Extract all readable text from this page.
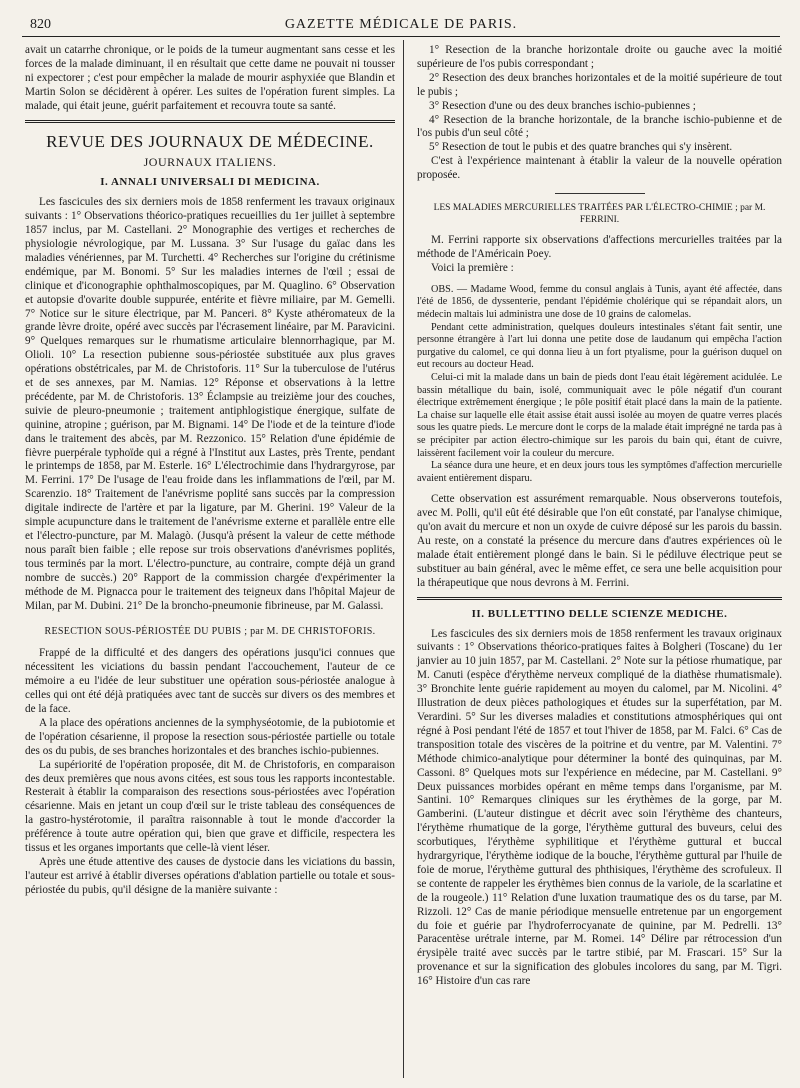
820	GAZETTE MÉDICALE DE PARIS.

avait un catarrhe chronique, or le poids de la tumeur augmentant sans cesse et les forces de la malade diminuant, il en résultait que cette dame ne pouvait ni tousser ni expectorer ; c'est pour empêcher la malade de mourir asphyxiée que Blandin et Martin Solon se décidèrent à opérer. Les suites de l'opération furent simples. La malade, qui était jeune, guérit parfaitement et recouvra toute sa santé.

REVUE DES JOURNAUX DE MÉDECINE.
JOURNAUX ITALIENS.
I. ANNALI UNIVERSALI DI MEDICINA.

Les fascicules des six derniers mois de 1858 renferment les travaux originaux suivants : 1° Observations théorico-pratiques recueillies du 1er juillet à septembre 1857 inclus, par M. Castellani. 2° Monographie des vertiges et recherches de physiologie névrologique, par M. Lussana. 3° Sur l'usage du gaïac dans les maladies vénériennes, par M. Turchetti. 4° Recherches sur l'origine du crétinisme endémique, par M. Bonomi. 5° Sur les maladies internes de l'œil ; essai de clinique et d'iconographie ophthalmoscopiques, par M. Quaglino. 6° Observation et autopsie d'ovarite double suppurée, entérite et fièvre miliaire, par M. Gemelli. 7° Notice sur le siture électrique, par M. Panceri. 8° Kyste athéromateux de la grande lèvre droite, opéré avec succès par l'écrasement linéaire, par M. Paravicini. 9° Quelques remarques sur le rhumatisme articulaire blennorrhagique, par M. Olioli. 10° La resection pubienne sous-périostée substituée aux plus graves opérations obstétricales, par M. de Christoforis. 11° Sur la tuberculose de l'utérus et de ses annexes, par M. Namias. 12° Réponse et observations à la lettre précédente, par M. de Christoforis. 13° Éclampsie au treizième jour des couches, suivie de pleuro-pneumonie ; traitement antiphlogistique énergique, sulfate de quinine, atropine ; guérison, par M. Bignami. 14° De l'iode et de la teinture d'iode dans le traitement des abcès, par M. Rezzonico. 15° Relation d'une épidémie de fièvre puerpérale typhoïde qui a régné à l'Institut aux Lastes, près Trente, pendant le printemps de 1858, par M. Esterle. 16° L'électrochimie dans l'hydrargyrose, par M. Ferrini. 17° De l'usage de l'eau froide dans les inflammations de l'œil, par M. Scarenzio. 18° Traitement de l'anévrisme poplité sans succès par la compression digitale indirecte de l'artère et par la ligature, par M. Gherini. 19° Valeur de la simple acupuncture dans le traitement de l'anévrisme externe et parallèle entre elle et l'électro-puncture, par M. Malagò. (Jusqu'à présent la valeur de cette méthode nous paraît bien faible ; elle repose sur trois observations d'anévrismes poplités, tous terminés par la mort. L'électro-puncture, au contraire, compte déjà un grand nombre de succès.) 20° Rapport de la commission chargée d'expérimenter la méthode de M. Pignacca pour le traitement des teigneux dans l'hôpital Majeur de Milan, par M. Dubini. 21° De la broncho-pneumonie fibrineuse, par M. Galassi.

RESECTION SOUS-PÉRIOSTÉE DU PUBIS ; par M. DE CHRISTOFORIS.

Frappé de la difficulté et des dangers des opérations jusqu'ici connues que nécessitent les viciations du bassin pendant l'accouchement, l'auteur de ce mémoire a eu l'idée de leur substituer une opération sous-périostée analogue à celles qui ont été déjà pratiquées avec tant de succès sur divers os des membres et de la face.

A la place des opérations anciennes de la symphyséotomie, de la pubiotomie et de l'opération césarienne, il propose la resection sous-périostée partielle ou totale des os du pubis, de ses branches horizontales et des branches ischio-pubiennes.

La supériorité de l'opération proposée, dit M. de Christoforis, en comparaison des deux premières que nous avons citées, est sous tous les rapports incontestable. Resterait à établir la comparaison des resections sous-périostées avec l'opération césarienne. Mais en jetant un coup d'œil sur le triste tableau des conséquences de la gastro-hystérotomie, il paraîtra raisonnable à tout le monde d'accorder la préférence à toute autre opération qui, bien que grave et difficile, respectera les tissus et les organes importants que celle-là vient léser.

Après une étude attentive des causes de dystocie dans les viciations du bassin, l'auteur est arrivé à établir diverses opérations d'ablation partielle ou totale et sous-périostée du pubis, qu'il désigne de la manière suivante :

1° Resection de la branche horizontale droite ou gauche avec la moitié supérieure de l'os pubis correspondant ;

2° Resection des deux branches horizontales et de la moitié supérieure de tout le pubis ;

3° Resection d'une ou des deux branches ischio-pubiennes ;

4° Resection de la branche horizontale, de la branche ischio-pubienne et de l'os pubis d'un seul côté ;

5° Resection de tout le pubis et des quatre branches qui s'y insèrent.

C'est à l'expérience maintenant à établir la valeur de la nouvelle opération proposée.

LES MALADIES MERCURIELLES TRAITÉES PAR L'ÉLECTRO-CHIMIE ; par M. FERRINI.

M. Ferrini rapporte six observations d'affections mercurielles traitées par la méthode de l'Américain Poey.

Voici la première :

OBS. — Madame Wood, femme du consul anglais à Tunis, ayant été affectée, dans l'été de 1856, de dyssenterie, pendant l'épidémie cholérique qui se répandait alors, un médecin maltais lui administra une dose de 10 grains de calomelas.

Pendant cette administration, quelques douleurs intestinales s'étant fait sentir, une personne étrangère à l'art lui donna une petite dose de laudanum qui empêcha l'action purgative du calomel, ce qui donna lieu à un fort ptyalisme, pour la guérison duquel on eut recours au docteur Head.

Celui-ci mit la malade dans un bain de pieds dont l'eau était légèrement acidulée. Le bassin métallique du bain, isolé, communiquait avec le pôle négatif d'un courant électrique extrêmement énergique ; le pôle positif était placé dans la main de la patiente. La chaise sur laquelle elle était assise était aussi isolée au moyen de quatre verres placés sous les quatre pieds. Le mercure dont le corps de la malade était imprégné ne tarda pas à se précipiter par action électro-chimique sur les parois du bain qui, étant de cuivre, laissèrent facilement voir la couleur du mercure.

La séance dura une heure, et en deux jours tous les symptômes d'affection mercurielle avaient entièrement disparu.

Cette observation est assurément remarquable. Nous observerons toutefois, avec M. Polli, qu'il eût été désirable que l'on eût constaté, par l'analyse chimique, qu'on avait du mercure et non un oxyde de cuivre déposé sur les parois du bassin. Au reste, on a constaté la présence du mercure dans d'autres expériences où le malade était entièrement plongé dans le bain. Si le pédiluve électrique peut se substituer au bain général, avec le même effet, ce sera une belle acquisition pour la thérapeutique que nous devrons à M. Ferrini.

II. BULLETTINO DELLE SCIENZE MEDICHE.

Les fascicules des six derniers mois de 1858 renferment les travaux originaux suivants : 1° Observations théorico-pratiques faites à Bolgheri (Toscane) du 1er janvier au 10 juin 1857, par M. Castellani. 2° Note sur la pétiose rhumatique, par M. Canuti (espèce d'érythème nerveux compliqué de la diathèse rhumatismale). 3° Bronchite lente guérie rapidement au moyen du calomel, par M. Nicolini. 4° Illustration de deux pièces pathologiques et études sur la superfétation, par M. Verardini. 5° Sur les diverses maladies et constitutions atmosphériques qui ont régné à Posi pendant l'été de 1857 et tout l'hiver de 1858, par M. Falci. 6° Cas de transposition totale des viscères de la poitrine et du ventre, par M. Valentini. 7° Méthode chimico-analytique pour déterminer la bonté des quinquinas, par M. Cassoni. 8° Quelques mots sur l'expérience en médecine, par M. Castellani. 9° Deux puissances morbides opérant en même temps dans l'organisme, par M. Santini. 10° Remarques cliniques sur les érythèmes de la gorge, par M. Gamberini. (L'auteur distingue et décrit avec soin l'érythème des chanteurs, l'érythème rhumatique de la gorge, l'érythème guttural des buveurs, celui des scorbutiques, l'érythème syphilitique et l'érythème guttural et buccal hydrargyrique, l'érythème iodique de la bouche, l'érythème guttural par l'huile de foie de morue, l'érythème guttural des phthisiques, l'érythème des scrofuleux. Il se contente de rappeler les érythèmes bien connus de la variole, de la scarlatine et de la rougeole.) 11° Relation d'une luxation traumatique des os du tarse, par M. Rizzoli. 12° Cas de manie périodique mensuelle entretenue par un engorgement du foie et guérie par l'hydroferrocyanate de quinine, par M. Pedrelli. 13° Paracentèse urétrale interne, par M. Romei. 14° Délire par rétrocession d'un érysipèle traité avec succès par le tartre stibié, par M. Frascari. 15° Sur la provenance et sur la signification des globules incolores du sang, par M. Tigri. 16° Histoire d'un cas rare
